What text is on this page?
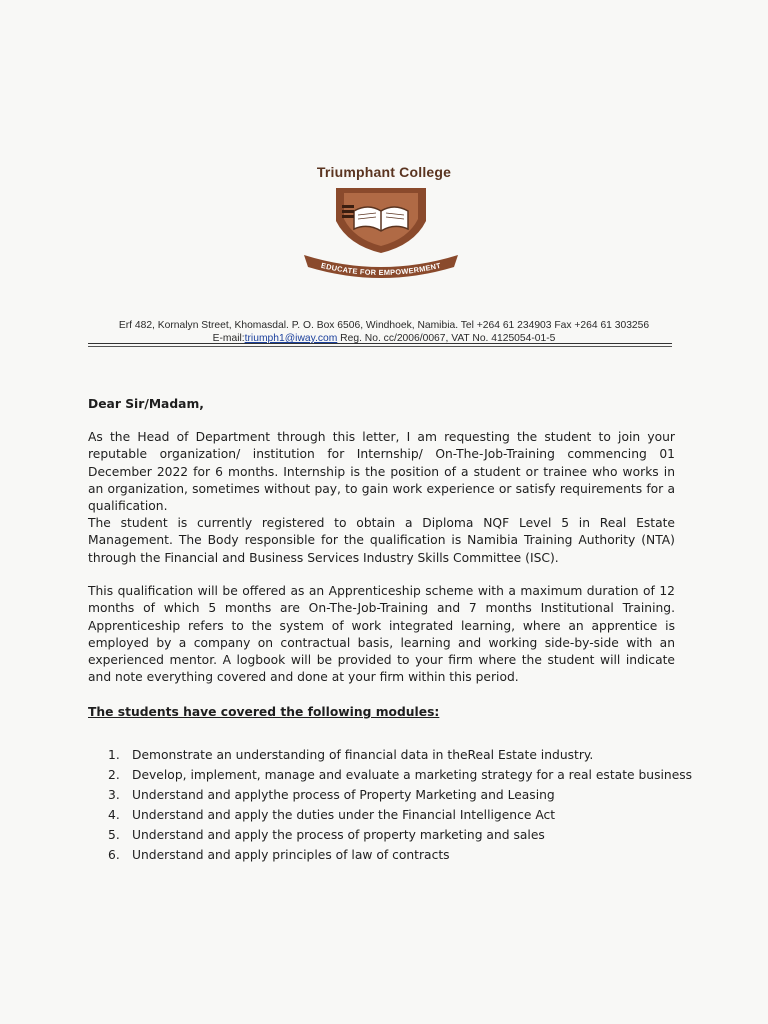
Triumphant College
EDUCATE FOR EMPOWERMENT
Erf 482, Kornalyn Street, Khomasdal. P. O. Box 6506, Windhoek, Namibia. Tel +264 61 234903 Fax +264 61 303256
E-mail:triumph1@iway.com Reg. No. cc/2006/0067, VAT No. 4125054-01-5
Dear Sir/Madam,
As the Head of Department through this letter, I am requesting the student to join your reputable organization/ institution for Internship/ On-The-Job-Training commencing 01 December 2022 for 6 months. Internship is the position of a student or trainee who works in an organization, sometimes without pay, to gain work experience or satisfy requirements for a qualification.
The student is currently registered to obtain a Diploma NQF Level 5 in Real Estate Management. The Body responsible for the qualification is Namibia Training Authority (NTA) through the Financial and Business Services Industry Skills Committee (ISC).
This qualification will be offered as an Apprenticeship scheme with a maximum duration of 12 months of which 5 months are On-The-Job-Training and 7 months Institutional Training. Apprenticeship refers to the system of work integrated learning, where an apprentice is employed by a company on contractual basis, learning and working side-by-side with an experienced mentor. A logbook will be provided to your firm where the student will indicate and note everything covered and done at your firm within this period.
The students have covered the following modules:
1. Demonstrate an understanding of financial data in theReal Estate industry.
2. Develop, implement, manage and evaluate a marketing strategy for a real estate business
3. Understand and applythe process of Property Marketing and Leasing
4. Understand and apply the duties under the Financial Intelligence Act
5. Understand and apply the process of property marketing and sales
6. Understand and apply principles of law of contracts
